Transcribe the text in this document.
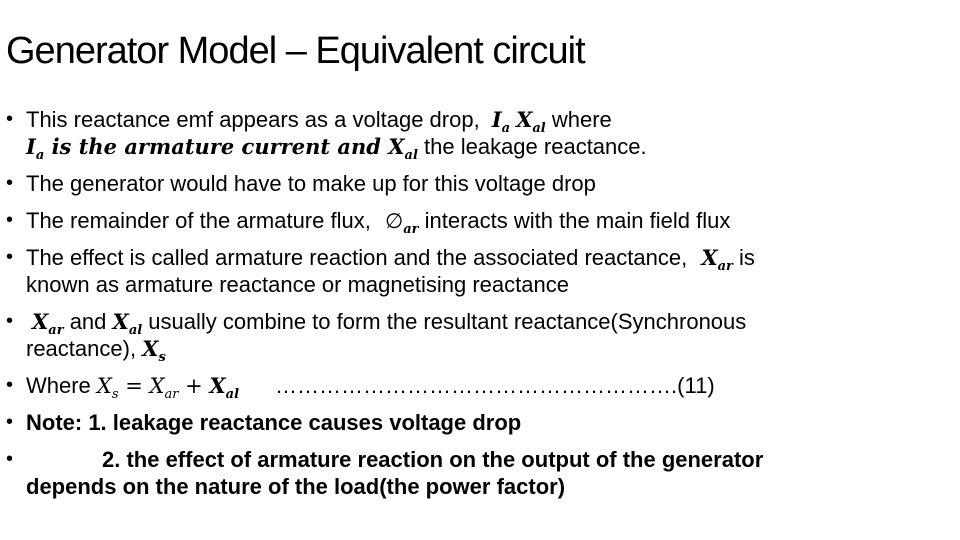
Generator Model – Equivalent circuit
• This reactance emf appears as a voltage drop, $I_a$ $X_{al}$ where
$I_a$ is the armature current and $X_{al}$ the leakage reactance.
• The generator would have to make up for this voltage drop
• The remainder of the armature flux, $\emptyset_{ar}$ interacts with the main field flux
• The effect is called armature reaction and the associated reactance, $X_{ar}$ is
known as armature reactance or magnetising reactance
• $X_{ar}$ and $X_{al}$ usually combine to form the resultant reactance(Synchronous
reactance), $X_s$
• Where $X_s = X_{ar} + X_{al}$ ……………………………………………….(11)
• Note: 1. leakage reactance causes voltage drop
•	2. the effect of armature reaction on the output of the generator
depends on the nature of the load(the power factor)
